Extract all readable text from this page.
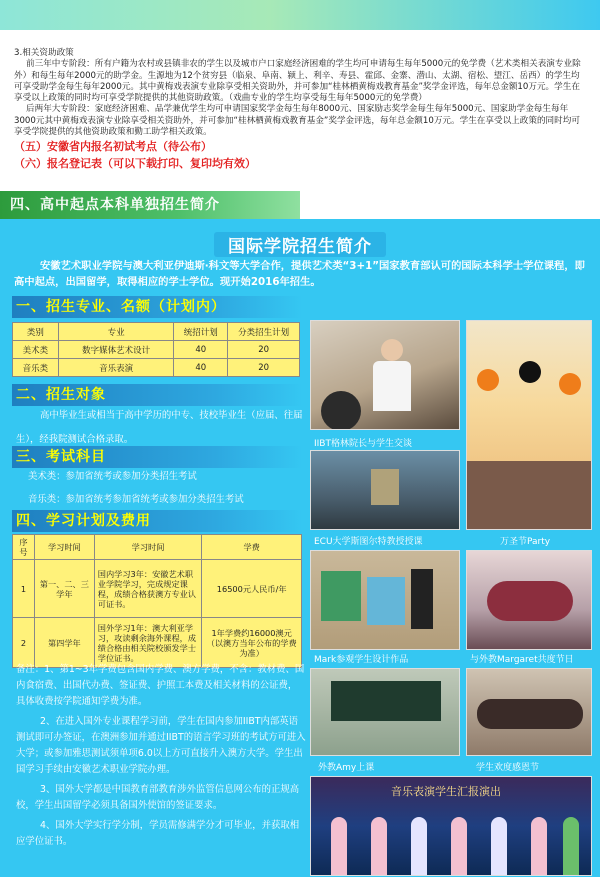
3.相关资助政策

前三年中专阶段：所有户籍为农村或县镇非农的学生以及城市户口家庭经济困难的学生均可申请每生每年5000元的免学费（艺术类相关表演专业除外）和每生每年2000元的助学金。生源地为12个贫穷县（临泉、阜南、颍上、利辛、寿县、霍邱、金寨、潜山、太湖、宿松、望江、岳西）的学生均可享受助学金每生每年2000元。其中黄梅戏表演专业除享受相关资助外，并可参加“桂林栖黄梅戏教育基金”奖学金评选，每年总金额10万元。学生在享受以上政策的同时均可享受学院提供的其他资助政策。（戏曲专业的学生均享受每生每年5000元的免学费）

后两年大专阶段：家庭经济困难、品学兼优学生均可申请国家奖学金每生每年8000元、国家励志奖学金每生每年5000元、国家助学金每生每年3000元其中黄梅戏表演专业除享受相关资助外，并可参加“桂林栖黄梅戏教育基金”奖学金评选，每年总金额10万元。学生在享受以上政策的同时均可享受学院提供的其他资助政策和勤工助学相关政策。

（五）安徽省内报名初试考点（待公布）

（六）报名登记表（可以下载打印、复印均有效）

四、高中起点本科单独招生简介
国际学院招生简介
安徽艺术职业学院与澳大利亚伊迪斯·科文等大学合作，提供艺术类“3+1”国家教育部认可的国际本科学士学位课程，即高中起点，出国留学，取得相应的学士学位。现开始2016年招生。
一、招生专业、名额（计划内）
类别	专业	统招计划	分类招生计划
美术类	数字媒体艺术设计	40	20
音乐类	音乐表演	40	20
二、招生对象
高中毕业生或相当于高中学历的中专、技校毕业生（应届、往届生），经我院测试合格录取。
三、考试科目
美术类：参加省统考或参加分类招生考试
音乐类：参加省统考参加省统考或参加分类招生考试
四、学习计划及费用
序号	学习时间	学习时间	学费
1	第一、二、三学年	国内学习3年：安徽艺术职业学院学习，完成规定课程，成绩合格获澳方专业认可证书。	16500元人民币/年
2	第四学年	国外学习1年：澳大利亚学习，攻读剩余海外课程，成绩合格由相关院校颁发学士学位证书。	1年学费约16000澳元（以澳方当年公布的学费为准）

备注：1、第1~3年学费包含国内学费、澳方学费，不含：教材费、国内食宿费、出国代办费、签证费、护照工本费及相关材料的公证费，具体收费按学院通知学费为准。

2、在进入国外专业课程学习前，学生在国内参加IIBT内部英语测试即可办签证，在澳洲参加并通过IIBT的语言学习班的考试方可进入大学；或参加雅思测试须单项6.0以上方可直接升入澳方大学。学生出国学习手续由安徽艺术职业学院办理。

3、国外大学都是中国教育部教育涉外监管信息网公布的正规高校，学生出国留学必须具备国外使馆的签证要求。

4、国外大学实行学分制，学员需修满学分才可毕业，并获取相应学位证书。

IIBT格林院长与学生交谈
万圣节Party
ECU大学斯图尔特教授授课
Mark参观学生设计作品	与外教Margaret共度节日
外教Amy上课	学生欢度感恩节
音乐表演学生汇报演出
